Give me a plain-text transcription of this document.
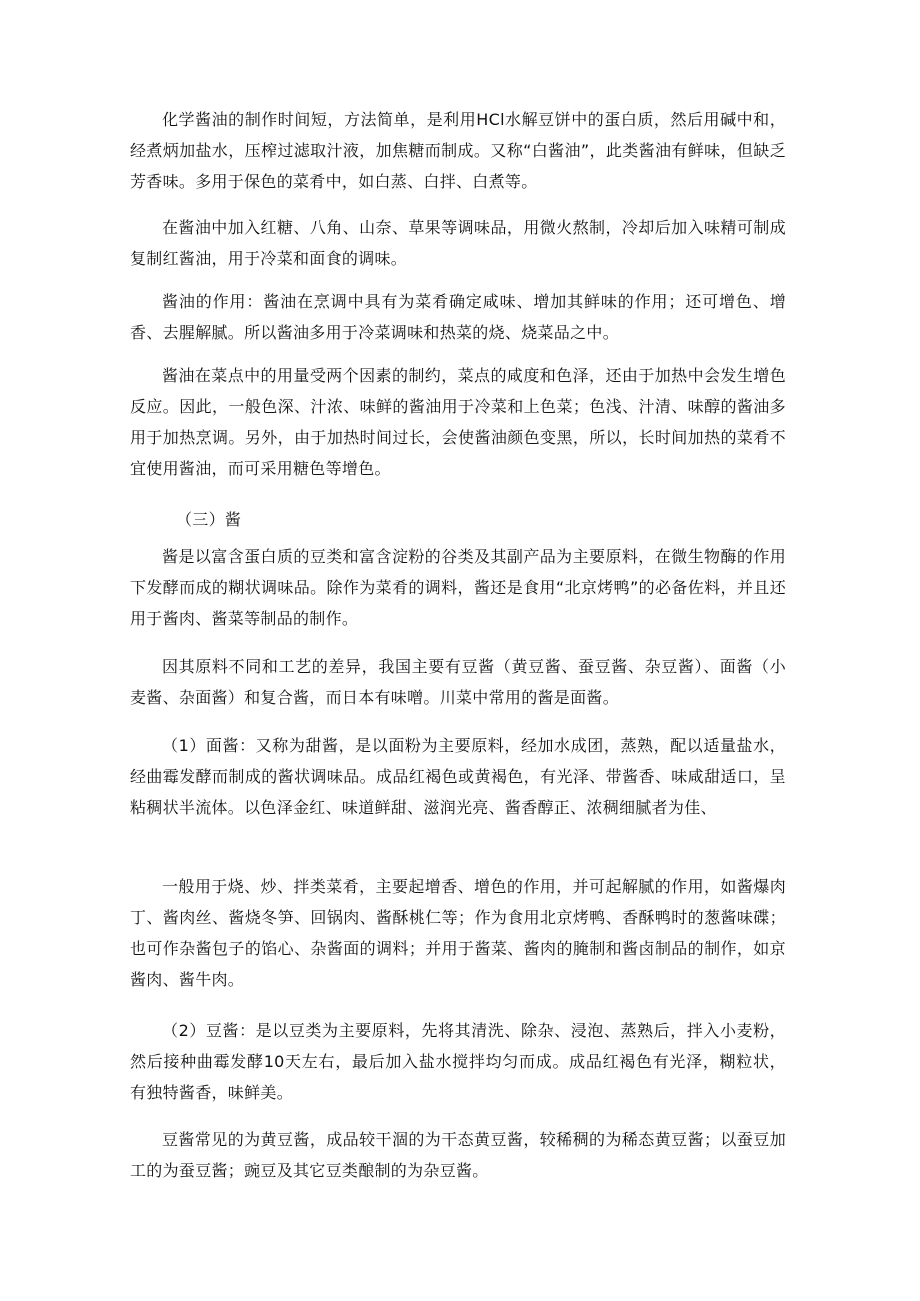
化学酱油的制作时间短，方法简单，是利用HCl水解豆饼中的蛋白质，然后用碱中和，经煮炳加盐水，压榨过滤取汁液，加焦糖而制成。又称“白酱油”，此类酱油有鲜味，但缺乏芳香味。多用于保色的菜肴中，如白蒸、白拌、白煮等。

在酱油中加入红糖、八角、山奈、草果等调味品，用微火熬制，冷却后加入味精可制成复制红酱油，用于冷菜和面食的调味。

酱油的作用：酱油在烹调中具有为菜肴确定咸味、增加其鲜味的作用；还可增色、增香、去腥解腻。所以酱油多用于冷菜调味和热菜的烧、烧菜品之中。

酱油在菜点中的用量受两个因素的制约，菜点的咸度和色泽，还由于加热中会发生增色反应。因此，一般色深、汁浓、味鲜的酱油用于冷菜和上色菜；色浅、汁清、味醇的酱油多用于加热烹调。另外，由于加热时间过长，会使酱油颜色变黑，所以，长时间加热的菜肴不宜使用酱油，而可采用糖色等增色。

（三）酱

酱是以富含蛋白质的豆类和富含淀粉的谷类及其副产品为主要原料，在微生物酶的作用下发酵而成的糊状调味品。除作为菜肴的调料，酱还是食用“北京烤鸭”的必备佐料，并且还用于酱肉、酱菜等制品的制作。

因其原料不同和工艺的差异，我国主要有豆酱（黄豆酱、蚕豆酱、杂豆酱）、面酱（小麦酱、杂面酱）和复合酱，而日本有味噌。川菜中常用的酱是面酱。

（1）面酱：又称为甜酱，是以面粉为主要原料，经加水成团，蒸熟，配以适量盐水，经曲霉发酵而制成的酱状调味品。成品红褐色或黄褐色，有光泽、带酱香、味咸甜适口，呈粘稠状半流体。以色泽金红、味道鲜甜、滋润光亮、酱香醇正、浓稠细腻者为佳、

一般用于烧、炒、拌类菜肴，主要起增香、增色的作用，并可起解腻的作用，如酱爆肉丁、酱肉丝、酱烧冬笋、回锅肉、酱酥桃仁等；作为食用北京烤鸭、香酥鸭时的葱酱味碟；也可作杂酱包子的馅心、杂酱面的调料；并用于酱菜、酱肉的腌制和酱卤制品的制作，如京酱肉、酱牛肉。

（2）豆酱：是以豆类为主要原料，先将其清洗、除杂、浸泡、蒸熟后，拌入小麦粉，然后接种曲霉发酵10天左右，最后加入盐水搅拌均匀而成。成品红褐色有光泽，糊粒状，有独特酱香，味鲜美。

豆酱常见的为黄豆酱，成品较干涸的为干态黄豆酱，较稀稠的为稀态黄豆酱；以蚕豆加工的为蚕豆酱；豌豆及其它豆类酿制的为杂豆酱。
